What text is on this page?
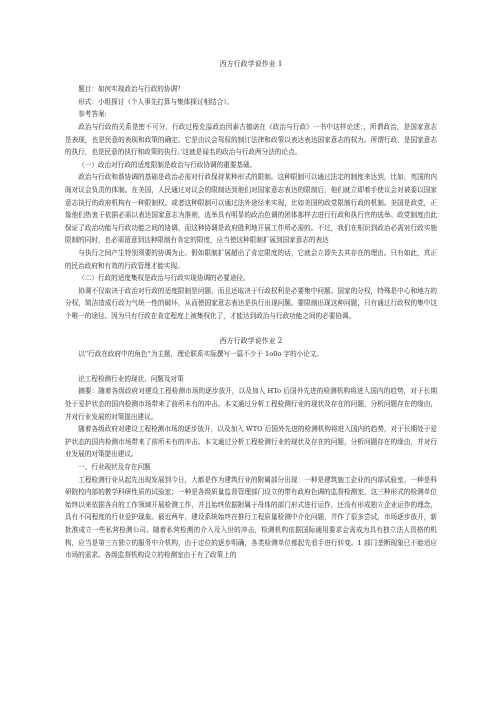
西方行政学说作业 1

题目：如何实现政治与行政的协调？

形式：小组探讨（个人事先打算与集体探讨相结合）。

参考答案:

政治与行政的关系是密不可分，行政过程充溢政治因素古德诺在《政治与行政》一书中这样论述：，所谓政治，是国家意志是表现，也是民意的表现和政策的确定。它是由议会驾驭的制订法律和政策以表达表达国家意志的权力。所谓行政，是国家意志的执行，也是民意的执行和政策的执行。’这就是闻名的政治与行政两分法的论点。

（一）政治对行政的适度限制是政治与行政协调的重要基础。

政治与行政和谐协调的基础是政治必需对行政保持某种形式的限制。这种限制可以通过法定的制度来达到，比如，英国的内阁对议会负责的体制。在美国，人民通过对议会的限制达到他们对国家意志表达的限制后，他们就立即着手使议会对被委以国家意志执行的政府机构有一种限制权。或者这种限制可以通过法外途径来实现，比如美国的政党限制行政的机制。美国是政党，正像他们热衷于依据必需以表达国家意志为准则，选举具有明显的政治色调的团体那样去进行行政和执行官的选举。政党制度由此保证了政治功能与行政功能之间的协调，而这种协调是政府胜利地开展工作所必需的。不过，我们在相识到政治必需对行政实施限制的同时，也必需留意到这种限制有肯定的限度，应当使这种限制扩展到国家意志的表达

与执行之间产生特别须要的协调为止。假如限制扩展超出了肯定限度的话，它就会立即失去其存在的理由。只有如此，真正的民治政府和有效的行政管理才能实现。

（二）行政的适度集权是政治与行政实现协调的必要途径。

协调不仅取决于政治对行政的适度限制是问题，而且还取决于行政权利是必要集中问题。国家的分权，特殊是中心和地方的分权，简洁造成行政力气统一性的破坏，从而使国家意志表达是执行出现问题。要限制出现这种问题，只有通过行政权的集中这个唯一的途径。因为只有行政在肯定程度上被集权化了，才能达到政治与行政功能之间的必要协调。

西方行政学说作业 2

以“行政在政府中的角色”为主题，理论联系实际撰写一篇不少于 1o0o 字的小论文。

论工程检测行业的现状、问题及对策

摘要：随着各级政府对建设工程检测市场的逐步放开，以及加入 HTo 后国外先进的检测机构将进入国内的趋势，对于长期处于爱护状态的国内检测市场带来了前所未有的冲击。本文通过分析工程检测行业的现状及存在的问题，分析问题存在的缘由，并对行业发展的对策提出建议。

随着各级政府对建设工程检测市场的逐步放开，以及加入 WTO 后国外先进的检测机构将进入国内的趋势，对于长期处于爱护状态的国内检测市场带来了前所未有的冲击。本文通过分析工程检测行业的现状及存在的问题，分析问题存在的缘由，并对行业发展的对策提出建议。

一、行业现状及存在问题

工程检测行业从起先出现发展到今日，大都是作为建筑行业的附属部分出现：一种是建筑施工企业的内部试验室，一种是科研院校内部的教学科研性质的试验室；一种是各级质量监督管理部门设立的带有政府色调的监督检测室，这三种形式的检测单位始终以来依据各自的工作领域开展检测工作，并且始终依据附属于母体的部门形式进行运作，还没有形成独立企业运作的理念，具有不同程度的行业爱护现象。最近两年，建设系统始终在推行工程质量检测中介化问题，并作了很多尝试，市场逐步放开，新批准成立一些私营检测公司。随着私营检测的介入及入世的冲击，检测机构依据国际通用要求会需成为具有独立法人资格的机构，应当是第三方独立的服务中介机构，由于定位的逐步明确，各类检测单位都起先看手进行转变。1 部门垄断现象已不能适应市场的需求。各级监督机构设立的检测室由于有了政策上的
